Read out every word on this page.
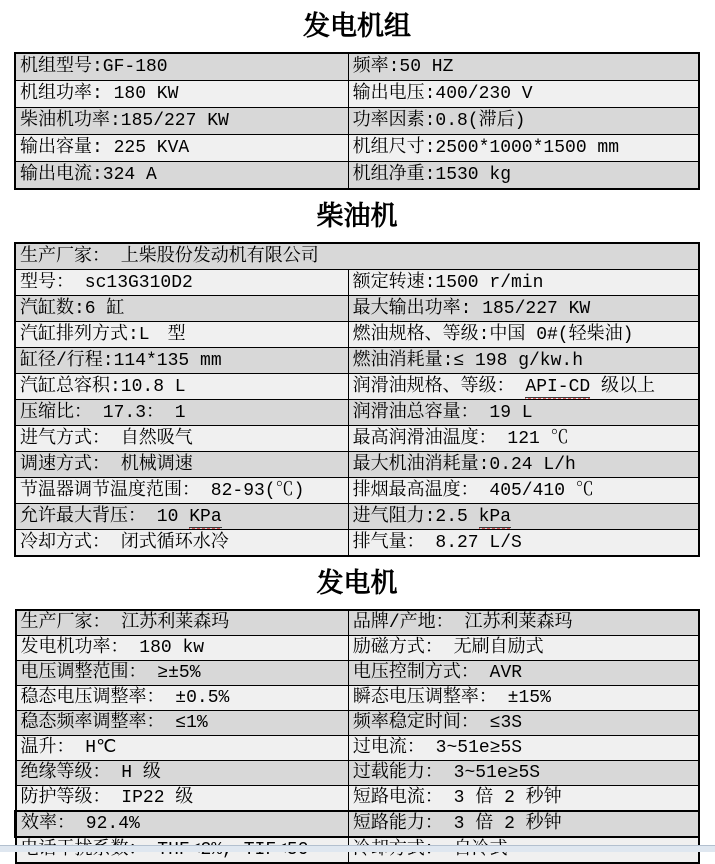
发电机组
机组型号:GF-180	频率:50 HZ
机组功率: 180 KW	输出电压:400/230 V
柴油机功率:185/227 KW	功率因素:0.8(滞后)
输出容量: 225 KVA	机组尺寸:2500*1000*1500 mm
输出电流:324 A	机组净重:1530 kg
柴油机
生产厂家： 上柴股份发动机有限公司	
型号： sc13G310D2	额定转速:1500 r/min
汽缸数:6 缸	最大输出功率: 185/227 KW
汽缸排列方式:L　型	燃油规格、等级:中国 0#(轻柴油)
缸径/行程:114*135 mm	燃油消耗量:≤ 198 g/kw.h
汽缸总容积:10.8 L	润滑油规格、等级： API-CD 级以上
压缩比： 17.3： 1	润滑油总容量： 19 L
进气方式： 自然吸气	最高润滑油温度： 121 ℃
调速方式： 机械调速	最大机油消耗量:0.24 L/h
节温器调节温度范围： 82-93(℃)	排烟最高温度： 405/410 ℃
允许最大背压： 10 KPa	进气阻力:2.5 kPa
冷却方式： 闭式循环水冷	排气量： 8.27 L/S
发电机
生产厂家： 江苏利莱森玛	品牌/产地： 江苏利莱森玛
发电机功率： 180 kw	励磁方式： 无刷自励式
电压调整范围： ≥±5%	电压控制方式： AVR
稳态电压调整率： ±0.5%	瞬态电压调整率： ±15%
稳态频率调整率： ≤1%	频率稳定时间： ≤3S
温升： H℃	过电流： 3~51e≥5S
绝缘等级： H 级	过载能力： 3~51e≥5S
防护等级： IP22 级	短路电流： 3 倍 2 秒钟
效率： 92.4%	短路能力： 3 倍 2 秒钟
